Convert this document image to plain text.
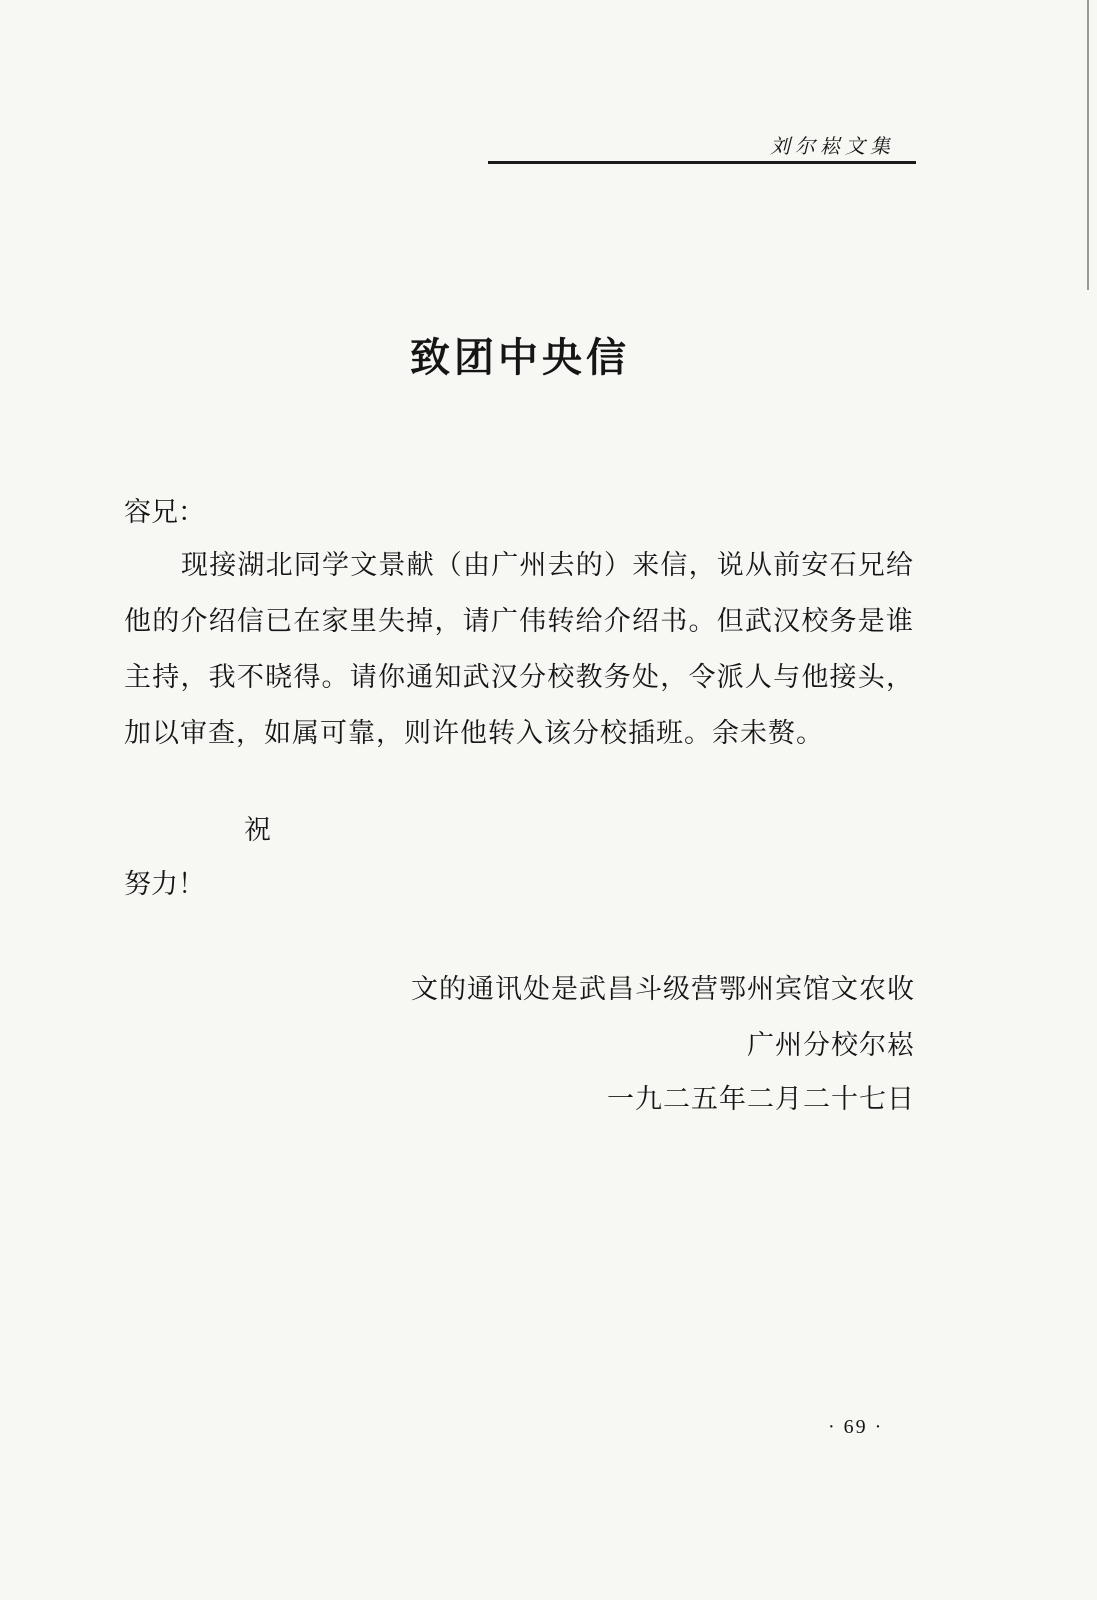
刘尔崧文集
致团中央信
容兄：

现接湖北同学文景献（由广州去的）来信，说从前安石兄给他的介绍信已在家里失掉，请广伟转给介绍书。但武汉校务是谁主持，我不晓得。请你通知武汉分校教务处，令派人与他接头，加以审查，如属可靠，则许他转入该分校插班。余未赘。

祝
努力！
文的通讯处是武昌斗级营鄂州宾馆文农收
广州分校尔崧
一九二五年二月二十七日
· 69 ·
